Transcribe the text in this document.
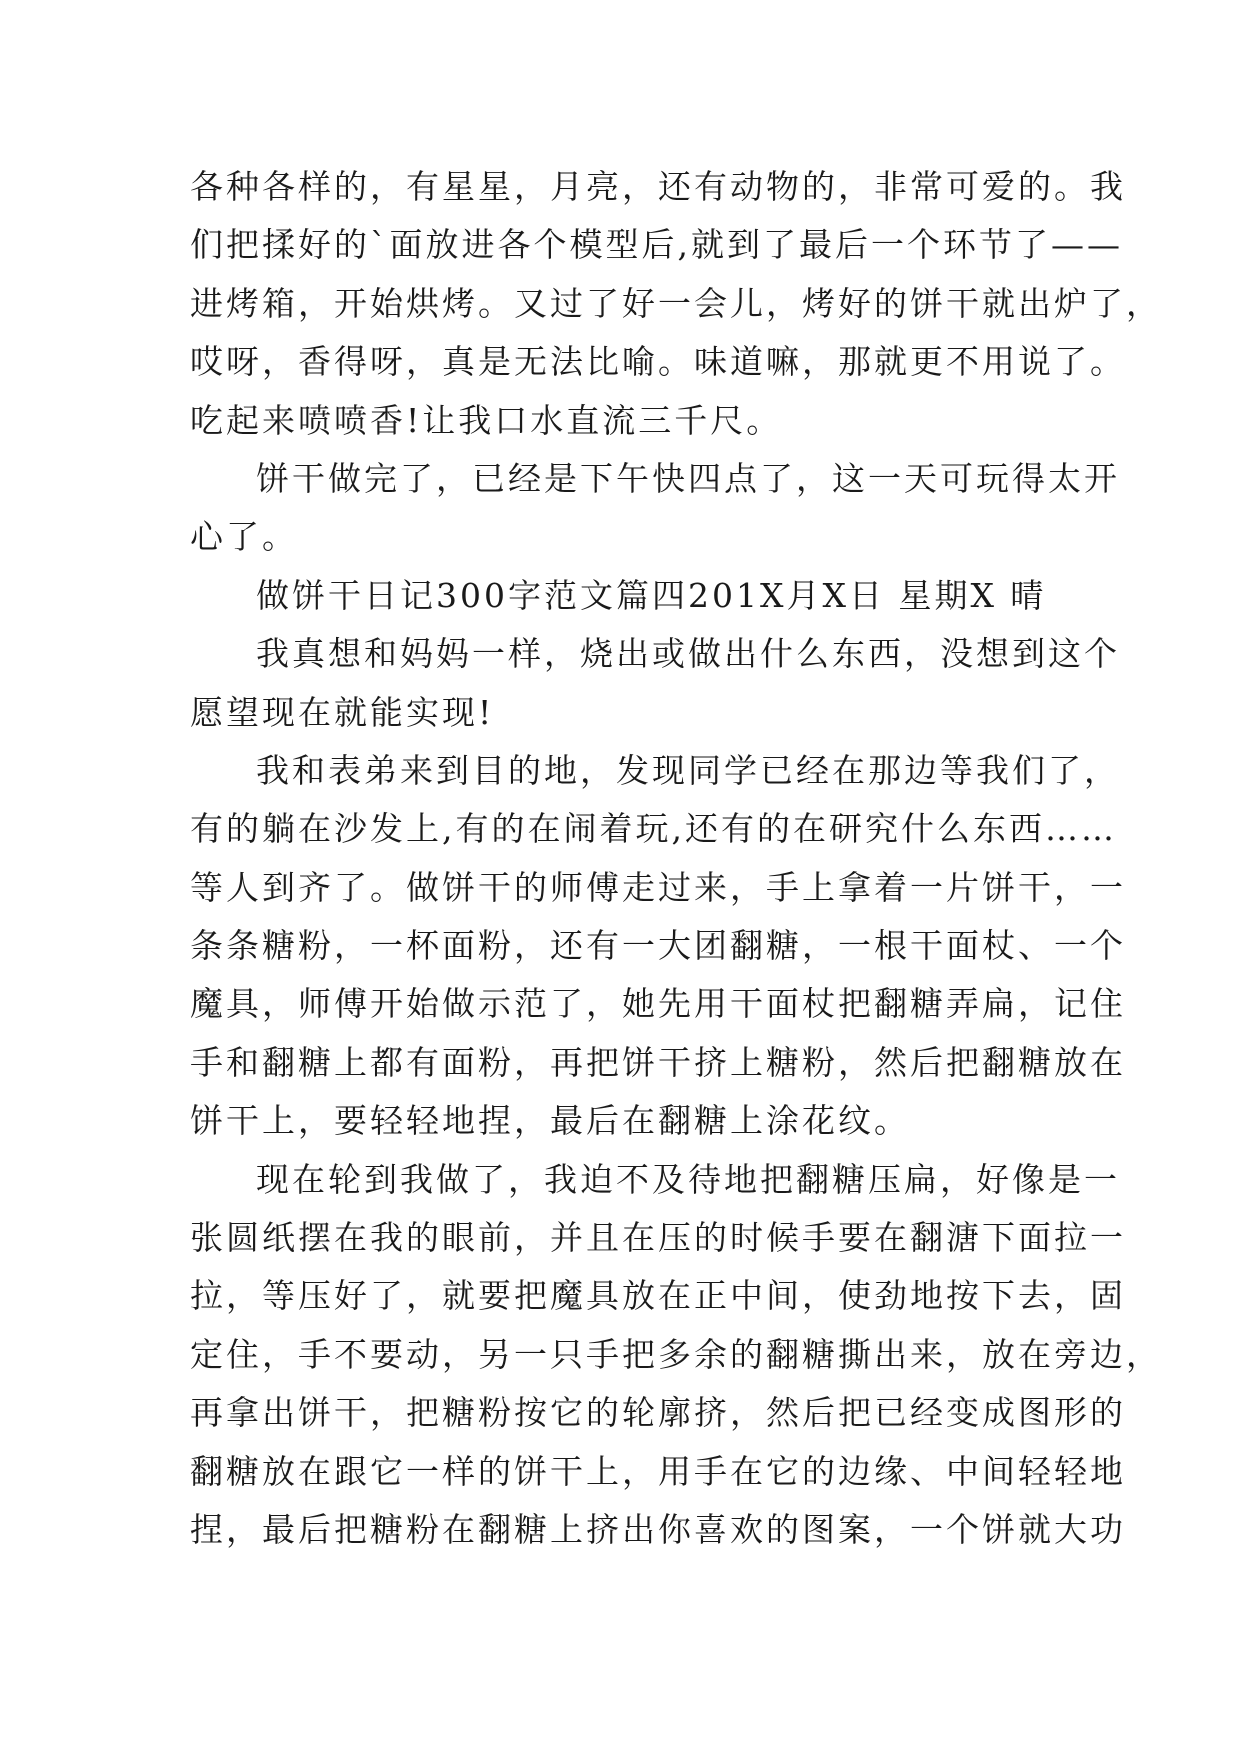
各种各样的，有星星，月亮，还有动物的，非常可爱的。我
们把揉好的`面放进各个模型后,就到了最后一个环节了——
进烤箱，开始烘烤。又过了好一会儿，烤好的饼干就出炉了，
哎呀，香得呀，真是无法比喻。味道嘛，那就更不用说了。
吃起来喷喷香!让我口水直流三千尺。
饼干做完了，已经是下午快四点了，这一天可玩得太开
心了。
做饼干日记300字范文篇四201X月X日 星期X 晴
我真想和妈妈一样，烧出或做出什么东西，没想到这个
愿望现在就能实现!
我和表弟来到目的地，发现同学已经在那边等我们了，
有的躺在沙发上,有的在闹着玩,还有的在研究什么东西……
等人到齐了。做饼干的师傅走过来，手上拿着一片饼干，一
条条糖粉，一杯面粉，还有一大团翻糖，一根干面杖、一个
魔具，师傅开始做示范了，她先用干面杖把翻糖弄扁，记住
手和翻糖上都有面粉，再把饼干挤上糖粉，然后把翻糖放在
饼干上，要轻轻地捏，最后在翻糖上涂花纹。
现在轮到我做了，我迫不及待地把翻糖压扁，好像是一
张圆纸摆在我的眼前，并且在压的时候手要在翻溏下面拉一
拉，等压好了，就要把魔具放在正中间，使劲地按下去，固
定住，手不要动，另一只手把多余的翻糖撕出来，放在旁边，
再拿出饼干，把糖粉按它的轮廓挤，然后把已经变成图形的
翻糖放在跟它一样的饼干上，用手在它的边缘、中间轻轻地
捏，最后把糖粉在翻糖上挤出你喜欢的图案，一个饼就大功
